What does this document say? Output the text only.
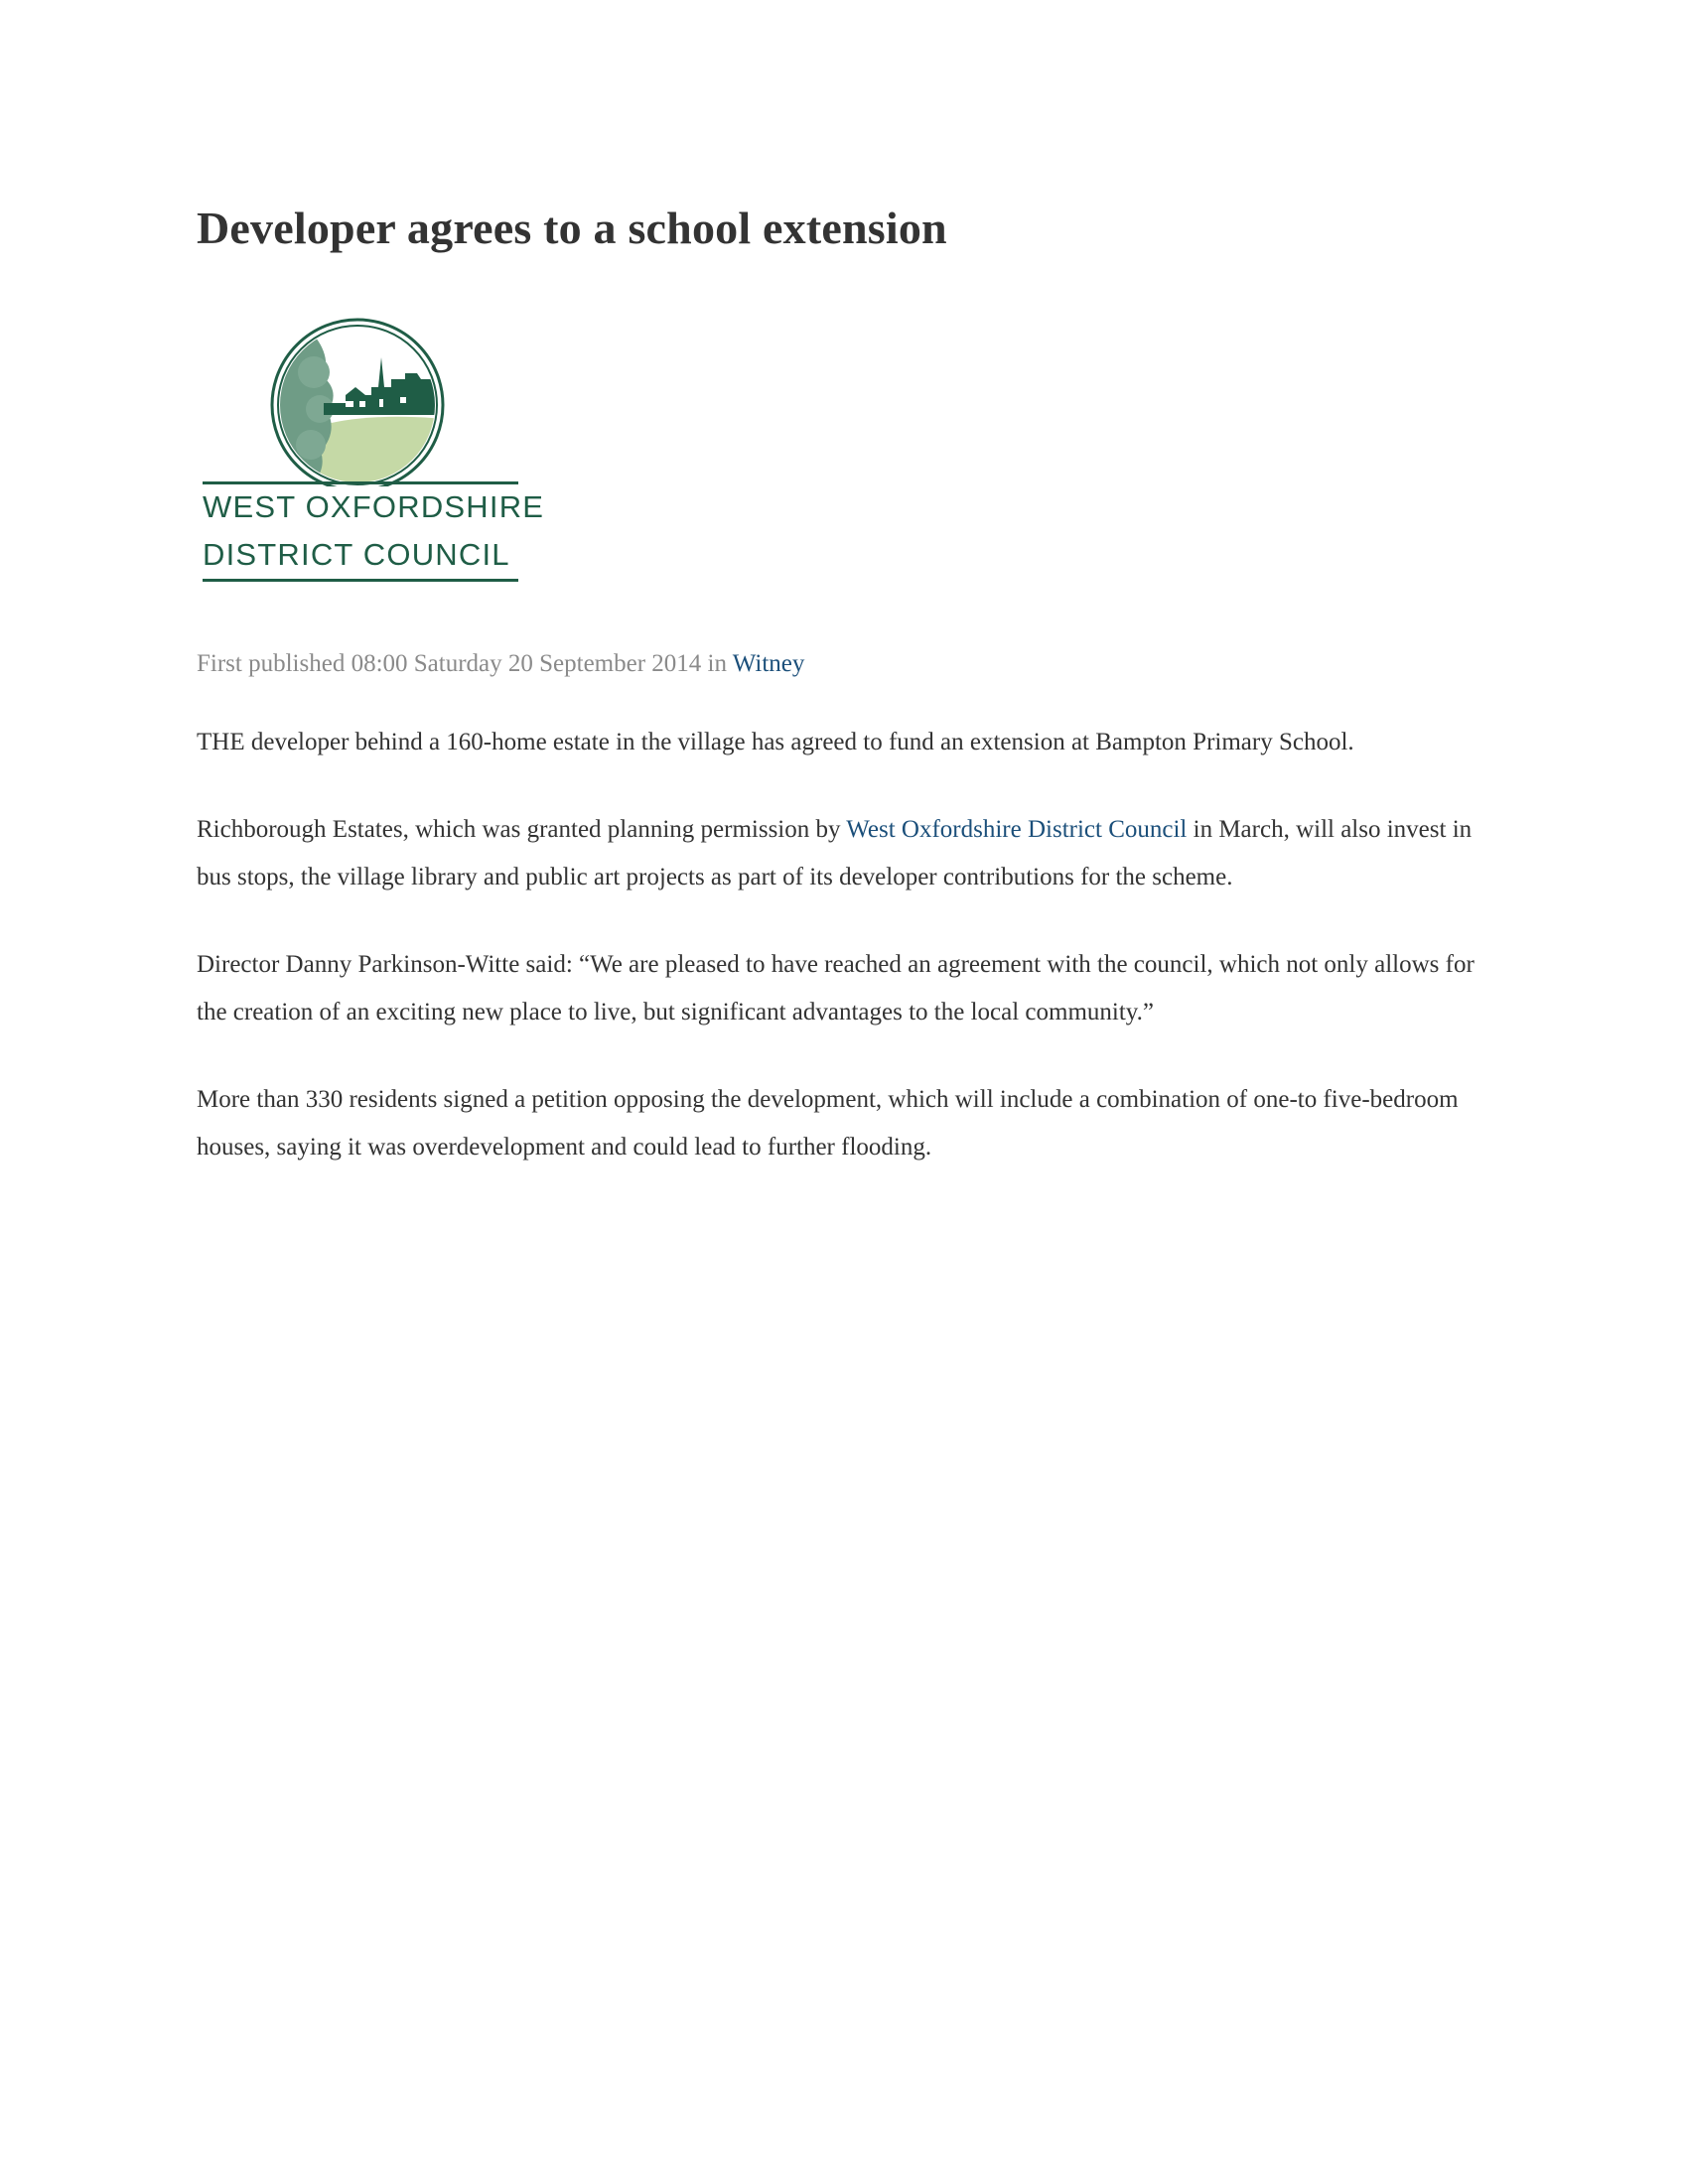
Developer agrees to a school extension
WEST OXFORDSHIRE
DISTRICT COUNCIL
First published 08:00 Saturday 20 September 2014 in Witney

THE developer behind a 160-home estate in the village has agreed to fund an extension at Bampton Primary School.

Richborough Estates, which was granted planning permission by West Oxfordshire District Council in March, will also invest in bus stops, the village library and public art projects as part of its developer contributions for the scheme.

Director Danny Parkinson-Witte said: “We are pleased to have reached an agreement with the council, which not only allows for the creation of an exciting new place to live, but significant advantages to the local community.”

More than 330 residents signed a petition opposing the development, which will include a combination of one-to five-bedroom houses, saying it was overdevelopment and could lead to further flooding.
